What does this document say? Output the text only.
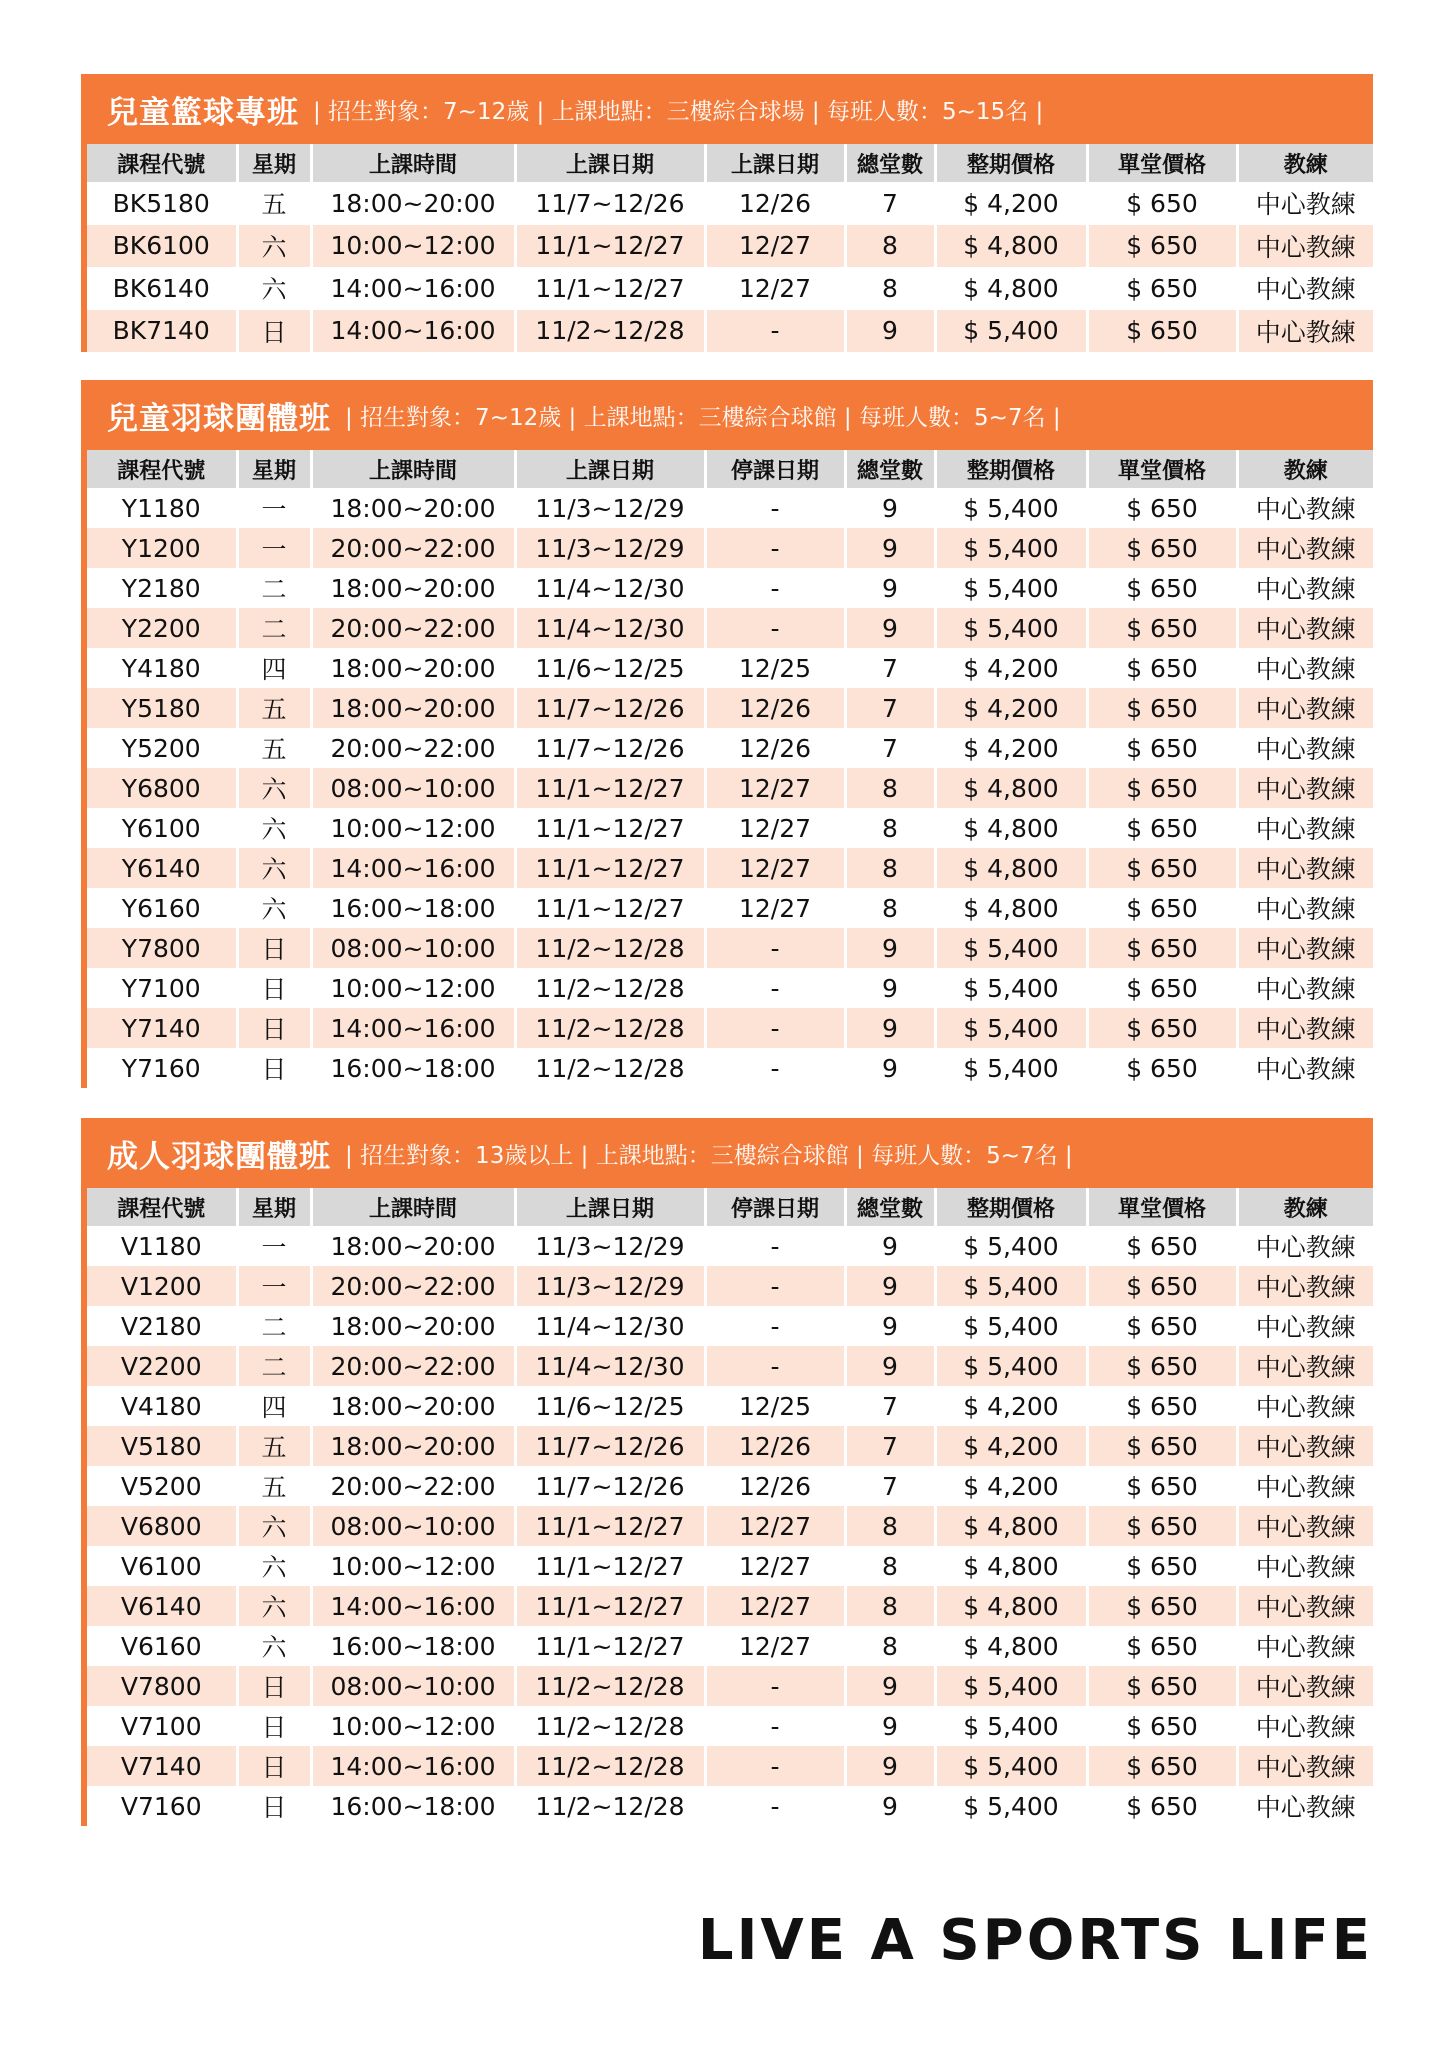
兒童籃球專班 | 招生對象：7~12歲 | 上課地點：三樓綜合球場 | 每班人數：5~15名 |
課程代號	星期	上課時間	上課日期	上課日期	總堂數	整期價格	單堂價格	教練
BK5180	五	18:00~20:00	11/7~12/26	12/26	7	$ 4,200	$ 650	中心教練
BK6100	六	10:00~12:00	11/1~12/27	12/27	8	$ 4,800	$ 650	中心教練
BK6140	六	14:00~16:00	11/1~12/27	12/27	8	$ 4,800	$ 650	中心教練
BK7140	日	14:00~16:00	11/2~12/28	-	9	$ 5,400	$ 650	中心教練
兒童羽球團體班 | 招生對象：7~12歲 | 上課地點：三樓綜合球館 | 每班人數：5~7名 |
課程代號	星期	上課時間	上課日期	停課日期	總堂數	整期價格	單堂價格	教練
Y1180	一	18:00~20:00	11/3~12/29	-	9	$ 5,400	$ 650	中心教練
Y1200	一	20:00~22:00	11/3~12/29	-	9	$ 5,400	$ 650	中心教練
Y2180	二	18:00~20:00	11/4~12/30	-	9	$ 5,400	$ 650	中心教練
Y2200	二	20:00~22:00	11/4~12/30	-	9	$ 5,400	$ 650	中心教練
Y4180	四	18:00~20:00	11/6~12/25	12/25	7	$ 4,200	$ 650	中心教練
Y5180	五	18:00~20:00	11/7~12/26	12/26	7	$ 4,200	$ 650	中心教練
Y5200	五	20:00~22:00	11/7~12/26	12/26	7	$ 4,200	$ 650	中心教練
Y6800	六	08:00~10:00	11/1~12/27	12/27	8	$ 4,800	$ 650	中心教練
Y6100	六	10:00~12:00	11/1~12/27	12/27	8	$ 4,800	$ 650	中心教練
Y6140	六	14:00~16:00	11/1~12/27	12/27	8	$ 4,800	$ 650	中心教練
Y6160	六	16:00~18:00	11/1~12/27	12/27	8	$ 4,800	$ 650	中心教練
Y7800	日	08:00~10:00	11/2~12/28	-	9	$ 5,400	$ 650	中心教練
Y7100	日	10:00~12:00	11/2~12/28	-	9	$ 5,400	$ 650	中心教練
Y7140	日	14:00~16:00	11/2~12/28	-	9	$ 5,400	$ 650	中心教練
Y7160	日	16:00~18:00	11/2~12/28	-	9	$ 5,400	$ 650	中心教練
成人羽球團體班 | 招生對象：13歲以上 | 上課地點：三樓綜合球館 | 每班人數：5~7名 |
課程代號	星期	上課時間	上課日期	停課日期	總堂數	整期價格	單堂價格	教練
V1180	一	18:00~20:00	11/3~12/29	-	9	$ 5,400	$ 650	中心教練
V1200	一	20:00~22:00	11/3~12/29	-	9	$ 5,400	$ 650	中心教練
V2180	二	18:00~20:00	11/4~12/30	-	9	$ 5,400	$ 650	中心教練
V2200	二	20:00~22:00	11/4~12/30	-	9	$ 5,400	$ 650	中心教練
V4180	四	18:00~20:00	11/6~12/25	12/25	7	$ 4,200	$ 650	中心教練
V5180	五	18:00~20:00	11/7~12/26	12/26	7	$ 4,200	$ 650	中心教練
V5200	五	20:00~22:00	11/7~12/26	12/26	7	$ 4,200	$ 650	中心教練
V6800	六	08:00~10:00	11/1~12/27	12/27	8	$ 4,800	$ 650	中心教練
V6100	六	10:00~12:00	11/1~12/27	12/27	8	$ 4,800	$ 650	中心教練
V6140	六	14:00~16:00	11/1~12/27	12/27	8	$ 4,800	$ 650	中心教練
V6160	六	16:00~18:00	11/1~12/27	12/27	8	$ 4,800	$ 650	中心教練
V7800	日	08:00~10:00	11/2~12/28	-	9	$ 5,400	$ 650	中心教練
V7100	日	10:00~12:00	11/2~12/28	-	9	$ 5,400	$ 650	中心教練
V7140	日	14:00~16:00	11/2~12/28	-	9	$ 5,400	$ 650	中心教練
V7160	日	16:00~18:00	11/2~12/28	-	9	$ 5,400	$ 650	中心教練
LIVE A SPORTS LIFE
